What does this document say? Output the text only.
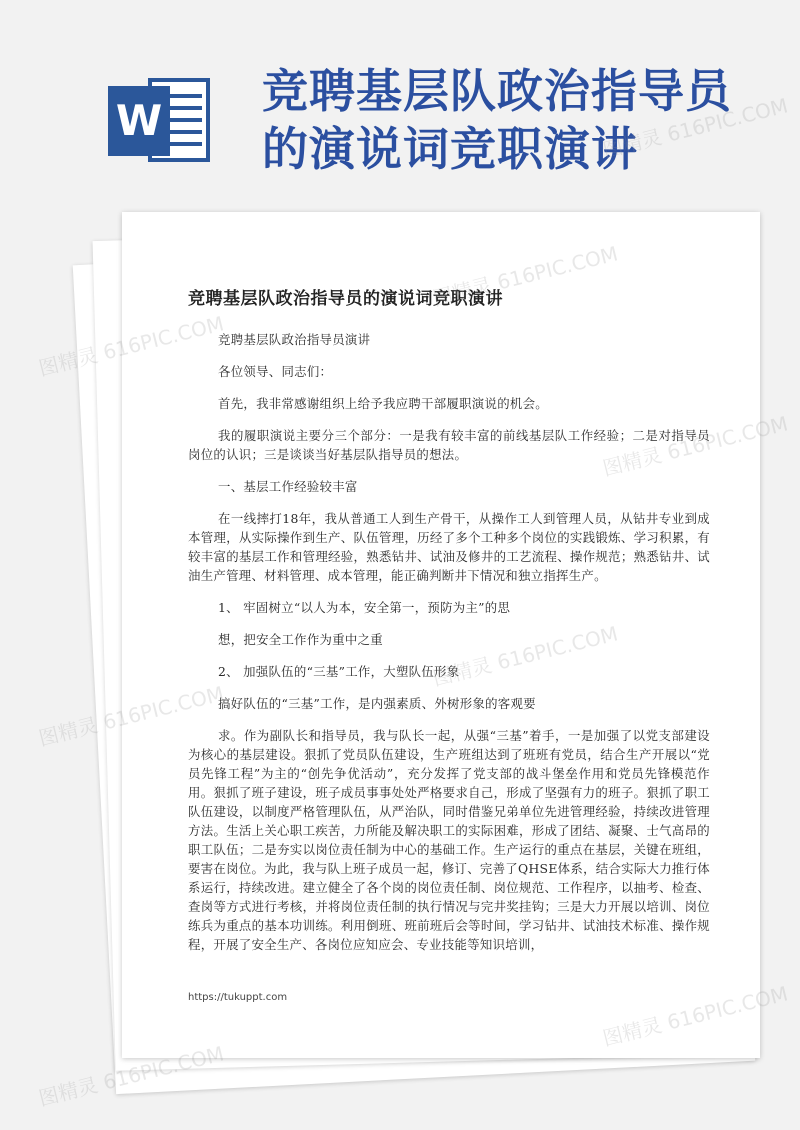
W
竞聘基层队政治指导员的演说词竞职演讲
竞聘基层队政治指导员的演说词竞职演讲

竞聘基层队政治指导员演讲

各位领导、同志们：

首先，我非常感谢组织上给予我应聘干部履职演说的机会。

我的履职演说主要分三个部分：一是我有较丰富的前线基层队工作经验；二是对指导员岗位的认识；三是谈谈当好基层队指导员的想法。

一、基层工作经验较丰富

在一线摔打18年，我从普通工人到生产骨干，从操作工人到管理人员，从钻井专业到成本管理，从实际操作到生产、队伍管理，历经了多个工种多个岗位的实践锻炼、学习积累，有较丰富的基层工作和管理经验，熟悉钻井、试油及修井的工艺流程、操作规范；熟悉钻井、试油生产管理、材料管理、成本管理，能正确判断井下情况和独立指挥生产。

1、 牢固树立“以人为本，安全第一，预防为主”的思

想，把安全工作作为重中之重

2、 加强队伍的“三基”工作，大塑队伍形象

搞好队伍的“三基”工作，是内强素质、外树形象的客观要

求。作为副队长和指导员，我与队长一起，从强“三基”着手，一是加强了以党支部建设为核心的基层建设。狠抓了党员队伍建设，生产班组达到了班班有党员，结合生产开展以“党员先锋工程”为主的“创先争优活动”，充分发挥了党支部的战斗堡垒作用和党员先锋模范作用。狠抓了班子建设，班子成员事事处处严格要求自己，形成了坚强有力的班子。狠抓了职工队伍建设，以制度严格管理队伍，从严治队，同时借鉴兄弟单位先进管理经验，持续改进管理方法。生活上关心职工疾苦，力所能及解决职工的实际困难，形成了团结、凝聚、士气高昂的职工队伍；二是夯实以岗位责任制为中心的基础工作。生产运行的重点在基层，关键在班组，要害在岗位。为此，我与队上班子成员一起，修订、完善了QHSE体系，结合实际大力推行体系运行，持续改进。建立健全了各个岗的岗位责任制、岗位规范、工作程序，以抽考、检查、查岗等方式进行考核，并将岗位责任制的执行情况与完井奖挂钩；三是大力开展以培训、岗位练兵为重点的基本功训练。利用倒班、班前班后会等时间，学习钻井、试油技术标准、操作规程，开展了安全生产、各岗位应知应会、专业技能等知识培训，

https://tukuppt.com
图精灵 616PIC.COM
图精灵 616PIC.COM
图精灵 616PIC.COM
图精灵 616PIC.COM
图精灵 616PIC.COM
图精灵 616PIC.COM
图精灵 616PIC.COM
图精灵 616PIC.COM
